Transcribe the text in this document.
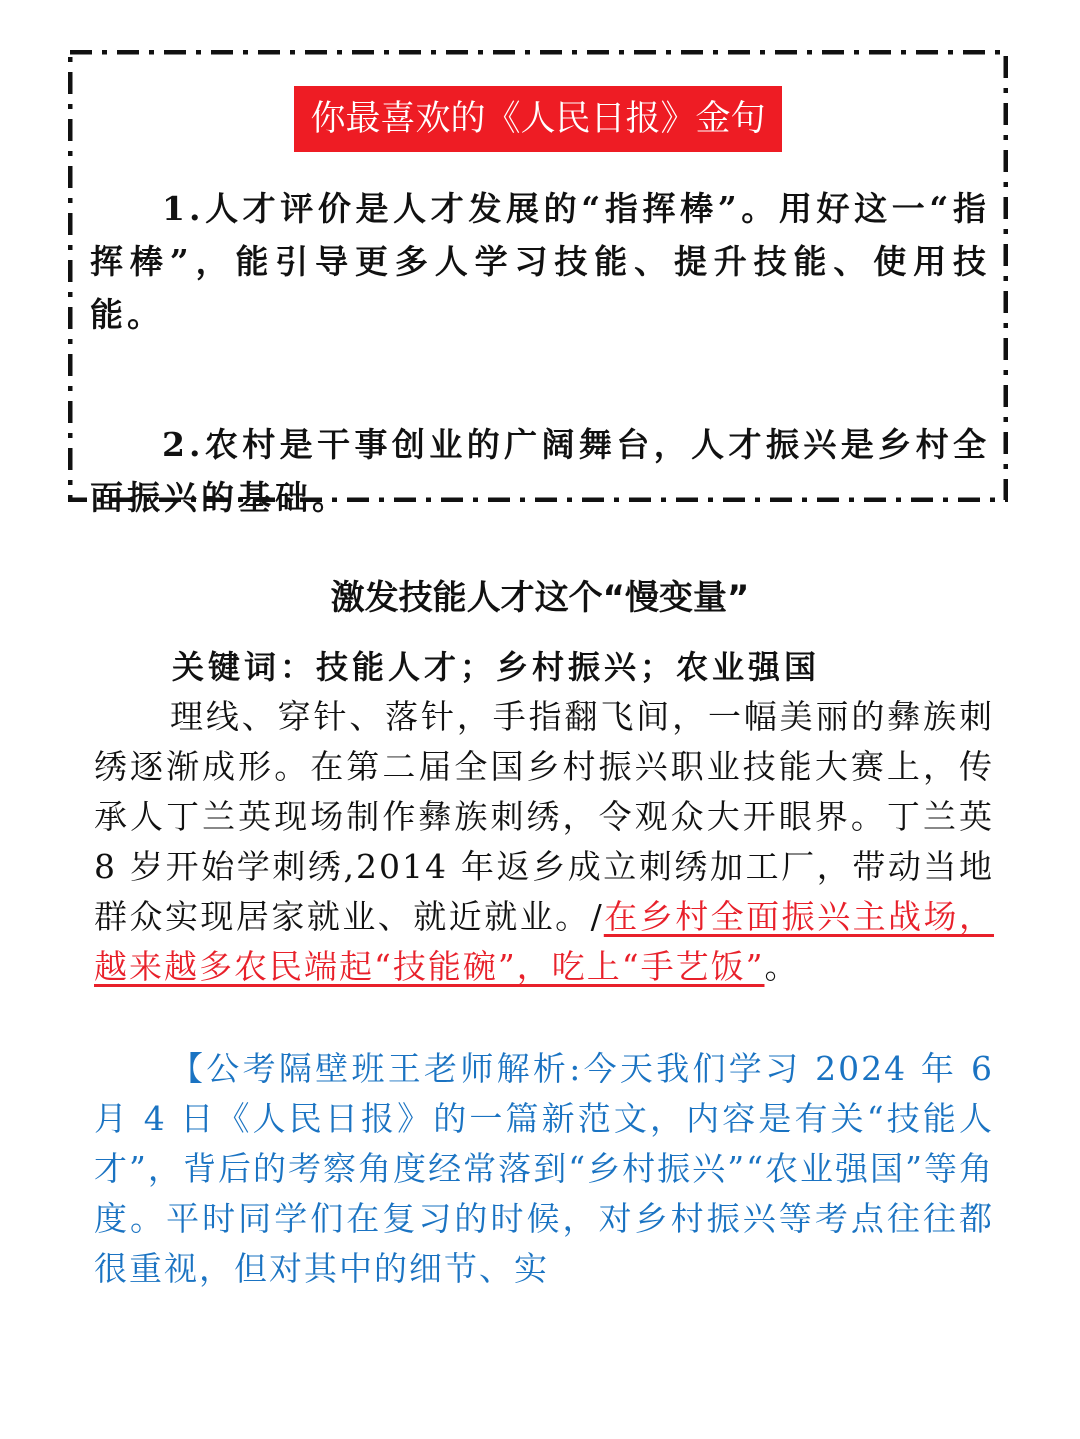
你最喜欢的《人民日报》金句
1.人才评价是人才发展的“指挥棒”。用好这一“指挥棒”，能引导更多人学习技能、提升技能、使用技能。
2.农村是干事创业的广阔舞台，人才振兴是乡村全面振兴的基础。
激发技能人才这个“慢变量”
关键词：技能人才；乡村振兴；农业强国
理线、穿针、落针，手指翻飞间，一幅美丽的彝族刺绣逐渐成形。在第二届全国乡村振兴职业技能大赛上，传承人丁兰英现场制作彝族刺绣，令观众大开眼界。丁兰英 8 岁开始学刺绣,2014 年返乡成立刺绣加工厂，带动当地群众实现居家就业、就近就业。/在乡村全面振兴主战场，越来越多农民端起“技能碗”，吃上“手艺饭”。
【公考隔壁班王老师解析:今天我们学习 2024 年 6 月 4 日《人民日报》的一篇新范文，内容是有关“技能人才”，背后的考察角度经常落到“乡村振兴”“农业强国”等角度。平时同学们在复习的时候，对乡村振兴等考点往往都很重视，但对其中的细节、实
